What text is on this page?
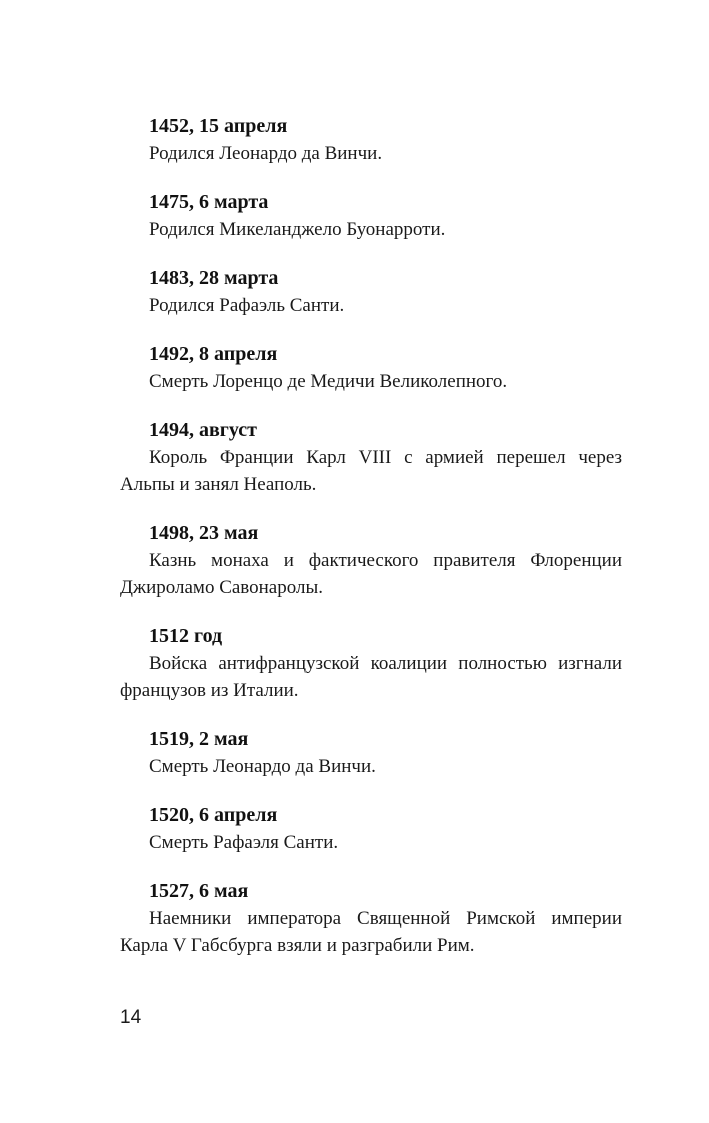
1452, 15 апреля

Родился Леонардо да Винчи.

1475, 6 марта

Родился Микеланджело Буонарроти.

1483, 28 марта

Родился Рафаэль Санти.

1492, 8 апреля

Смерть Лоренцо де Медичи Великолепного.

1494, август

Король Франции Карл VIII с армией перешел через Альпы и занял Неаполь.

1498, 23 мая

Казнь монаха и фактического правителя Флоренции Джироламо Савонаролы.

1512 год

Войска антифранцузской коалиции полностью изгнали французов из Италии.

1519, 2 мая

Смерть Леонардо да Винчи.

1520, 6 апреля

Смерть Рафаэля Санти.

1527, 6 мая

Наемники императора Священной Римской империи Карла V Габсбурга взяли и разграбили Рим.

14
